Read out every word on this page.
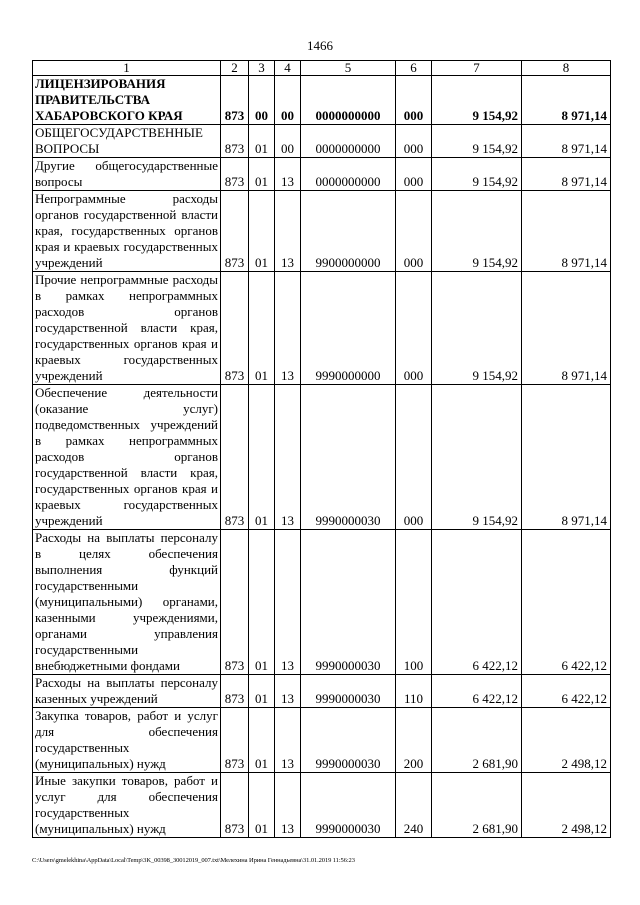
1466
1	2	3	4	5	6	7	8
ЛИЦЕНЗИРОВАНИЯ ПРАВИТЕЛЬСТВА ХАБАРОВСКОГО КРАЯ	873	00	00	0000000000	000	9 154,92	8 971,14
ОБЩЕГОСУДАРСТВЕННЫЕ ВОПРОСЫ	873	01	00	0000000000	000	9 154,92	8 971,14
Другие общегосударственные вопросы	873	01	13	0000000000	000	9 154,92	8 971,14
Непрограммные расходы органов государственной власти края, государственных органов края и краевых государственных учреждений	873	01	13	9900000000	000	9 154,92	8 971,14
Прочие непрограммные расходы в рамках непрограммных расходов органов государственной власти края, государственных органов края и краевых государственных учреждений	873	01	13	9990000000	000	9 154,92	8 971,14
Обеспечение деятельности (оказание услуг) подведомственных учреждений в рамках непрограммных расходов органов государственной власти края, государственных органов края и краевых государственных учреждений	873	01	13	9990000030	000	9 154,92	8 971,14
Расходы на выплаты персоналу в целях обеспечения выполнения функций государственными (муниципальными) органами, казенными учреждениями, органами управления государственными внебюджетными фондами	873	01	13	9990000030	100	6 422,12	6 422,12
Расходы на выплаты персоналу казенных учреждений	873	01	13	9990000030	110	6 422,12	6 422,12
Закупка товаров, работ и услуг для обеспечения государственных (муниципальных) нужд	873	01	13	9990000030	200	2 681,90	2 498,12
Иные закупки товаров, работ и услуг для обеспечения государственных (муниципальных) нужд	873	01	13	9990000030	240	2 681,90	2 498,12
C:\Users\gmelekhina\AppData\Local\Temp\3K_00398_30012019_007.txt\Мелехина Ирина Геннадьевна\31.01.2019 11:56:23
